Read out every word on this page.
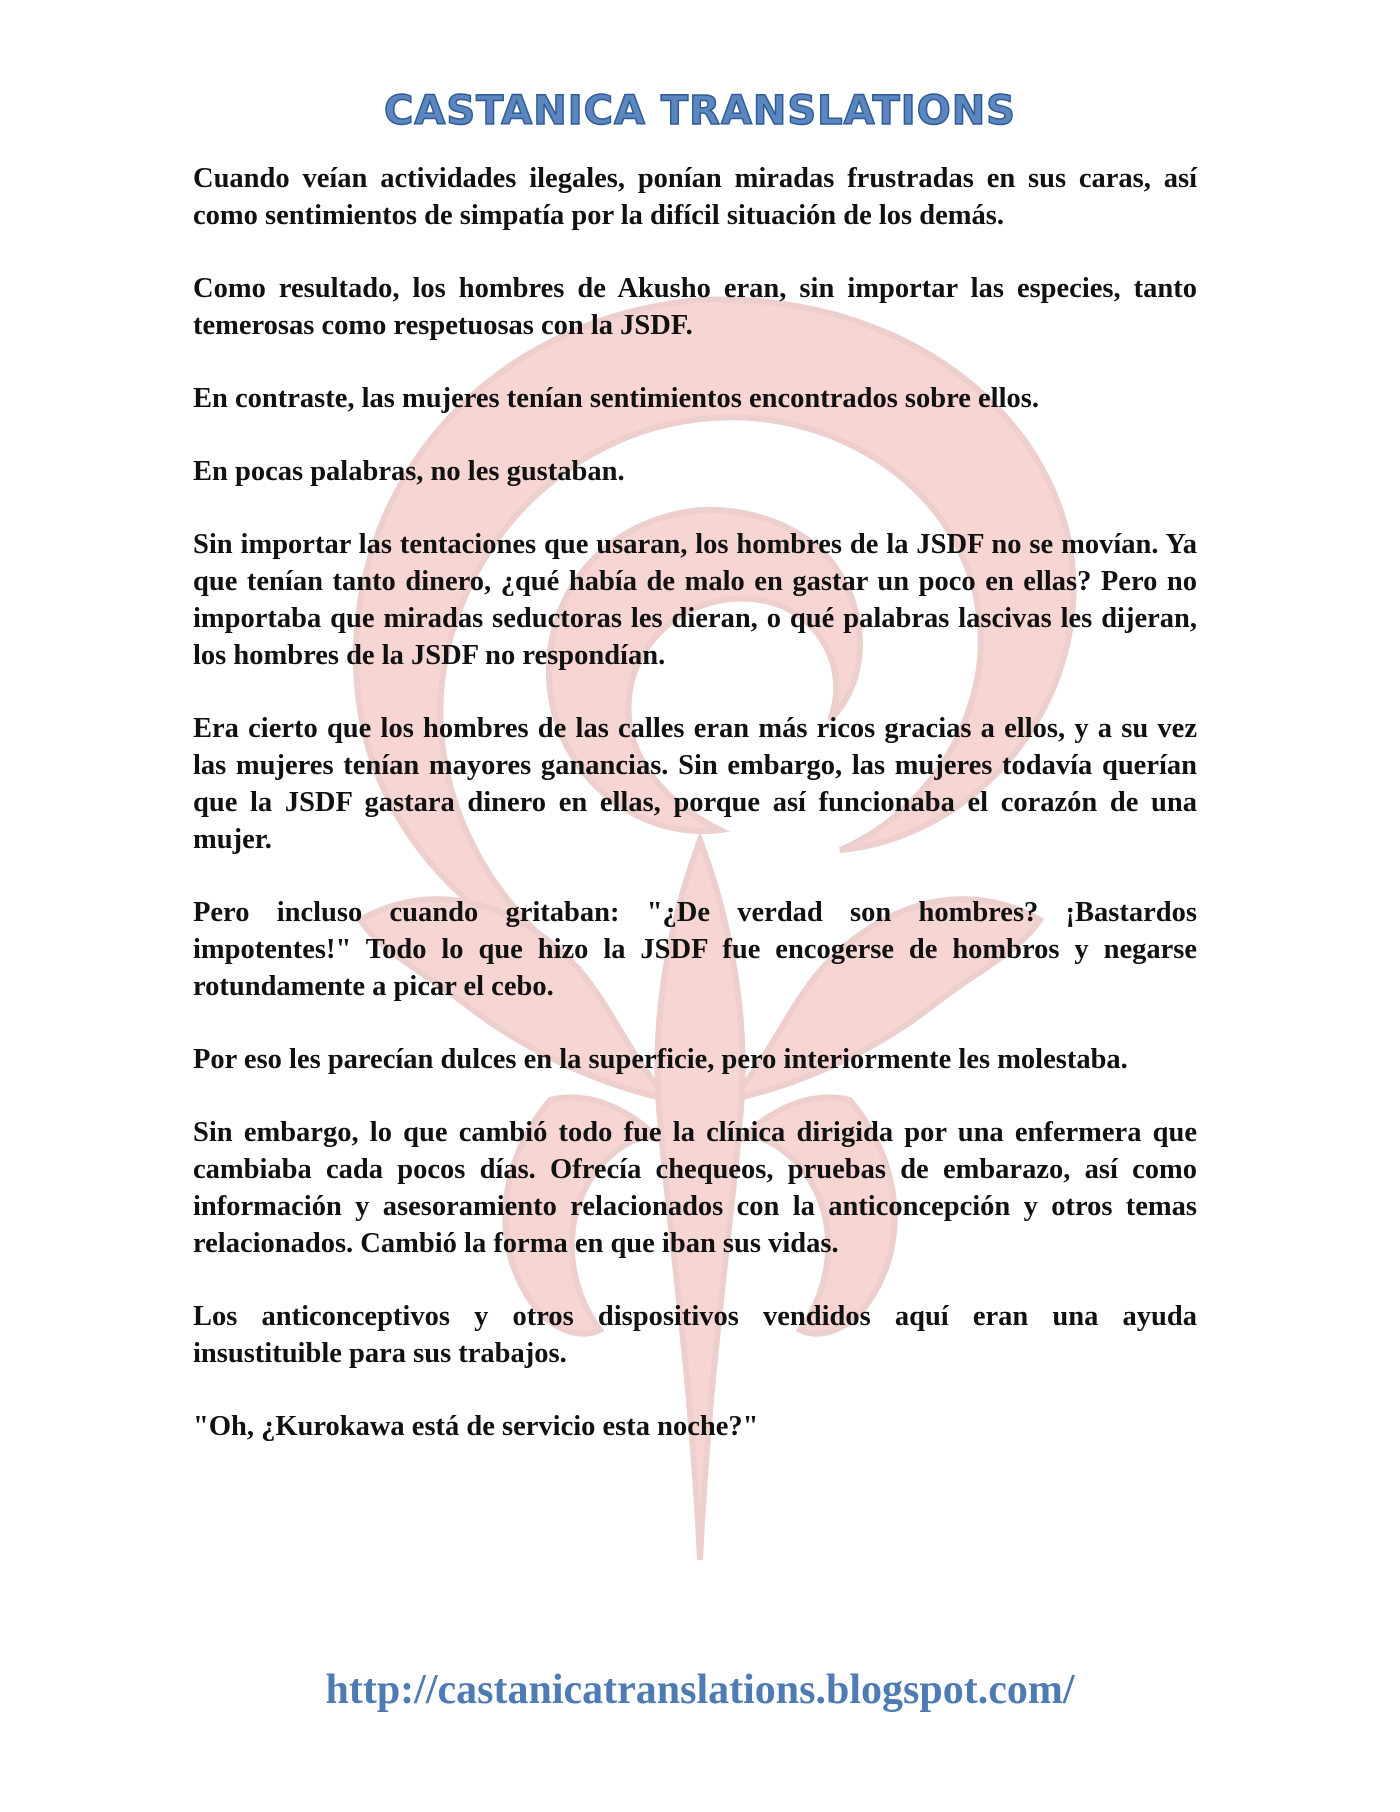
CASTANICA TRANSLATIONS

Cuando veían actividades ilegales, ponían miradas frustradas en sus caras, así como sentimientos de simpatía por la difícil situación de los demás.

Como resultado, los hombres de Akusho eran, sin importar las especies, tanto temerosas como respetuosas con la JSDF.

En contraste, las mujeres tenían sentimientos encontrados sobre ellos.

En pocas palabras, no les gustaban.

Sin importar las tentaciones que usaran, los hombres de la JSDF no se movían. Ya que tenían tanto dinero, ¿qué había de malo en gastar un poco en ellas? Pero no importaba que miradas seductoras les dieran, o qué palabras lascivas les dijeran, los hombres de la JSDF no respondían.

Era cierto que los hombres de las calles eran más ricos gracias a ellos, y a su vez las mujeres tenían mayores ganancias. Sin embargo, las mujeres todavía querían que la JSDF gastara dinero en ellas, porque así funcionaba el corazón de una mujer.

Pero incluso cuando gritaban: "¿De verdad son hombres? ¡Bastardos impotentes!" Todo lo que hizo la JSDF fue encogerse de hombros y negarse rotundamente a picar el cebo.

Por eso les parecían dulces en la superficie, pero interiormente les molestaba.

Sin embargo, lo que cambió todo fue la clínica dirigida por una enfermera que cambiaba cada pocos días. Ofrecía chequeos, pruebas de embarazo, así como información y asesoramiento relacionados con la anticoncepción y otros temas relacionados. Cambió la forma en que iban sus vidas.

Los anticonceptivos y otros dispositivos vendidos aquí eran una ayuda insustituible para sus trabajos.

"Oh, ¿Kurokawa está de servicio esta noche?"

http://castanicatranslations.blogspot.com/
